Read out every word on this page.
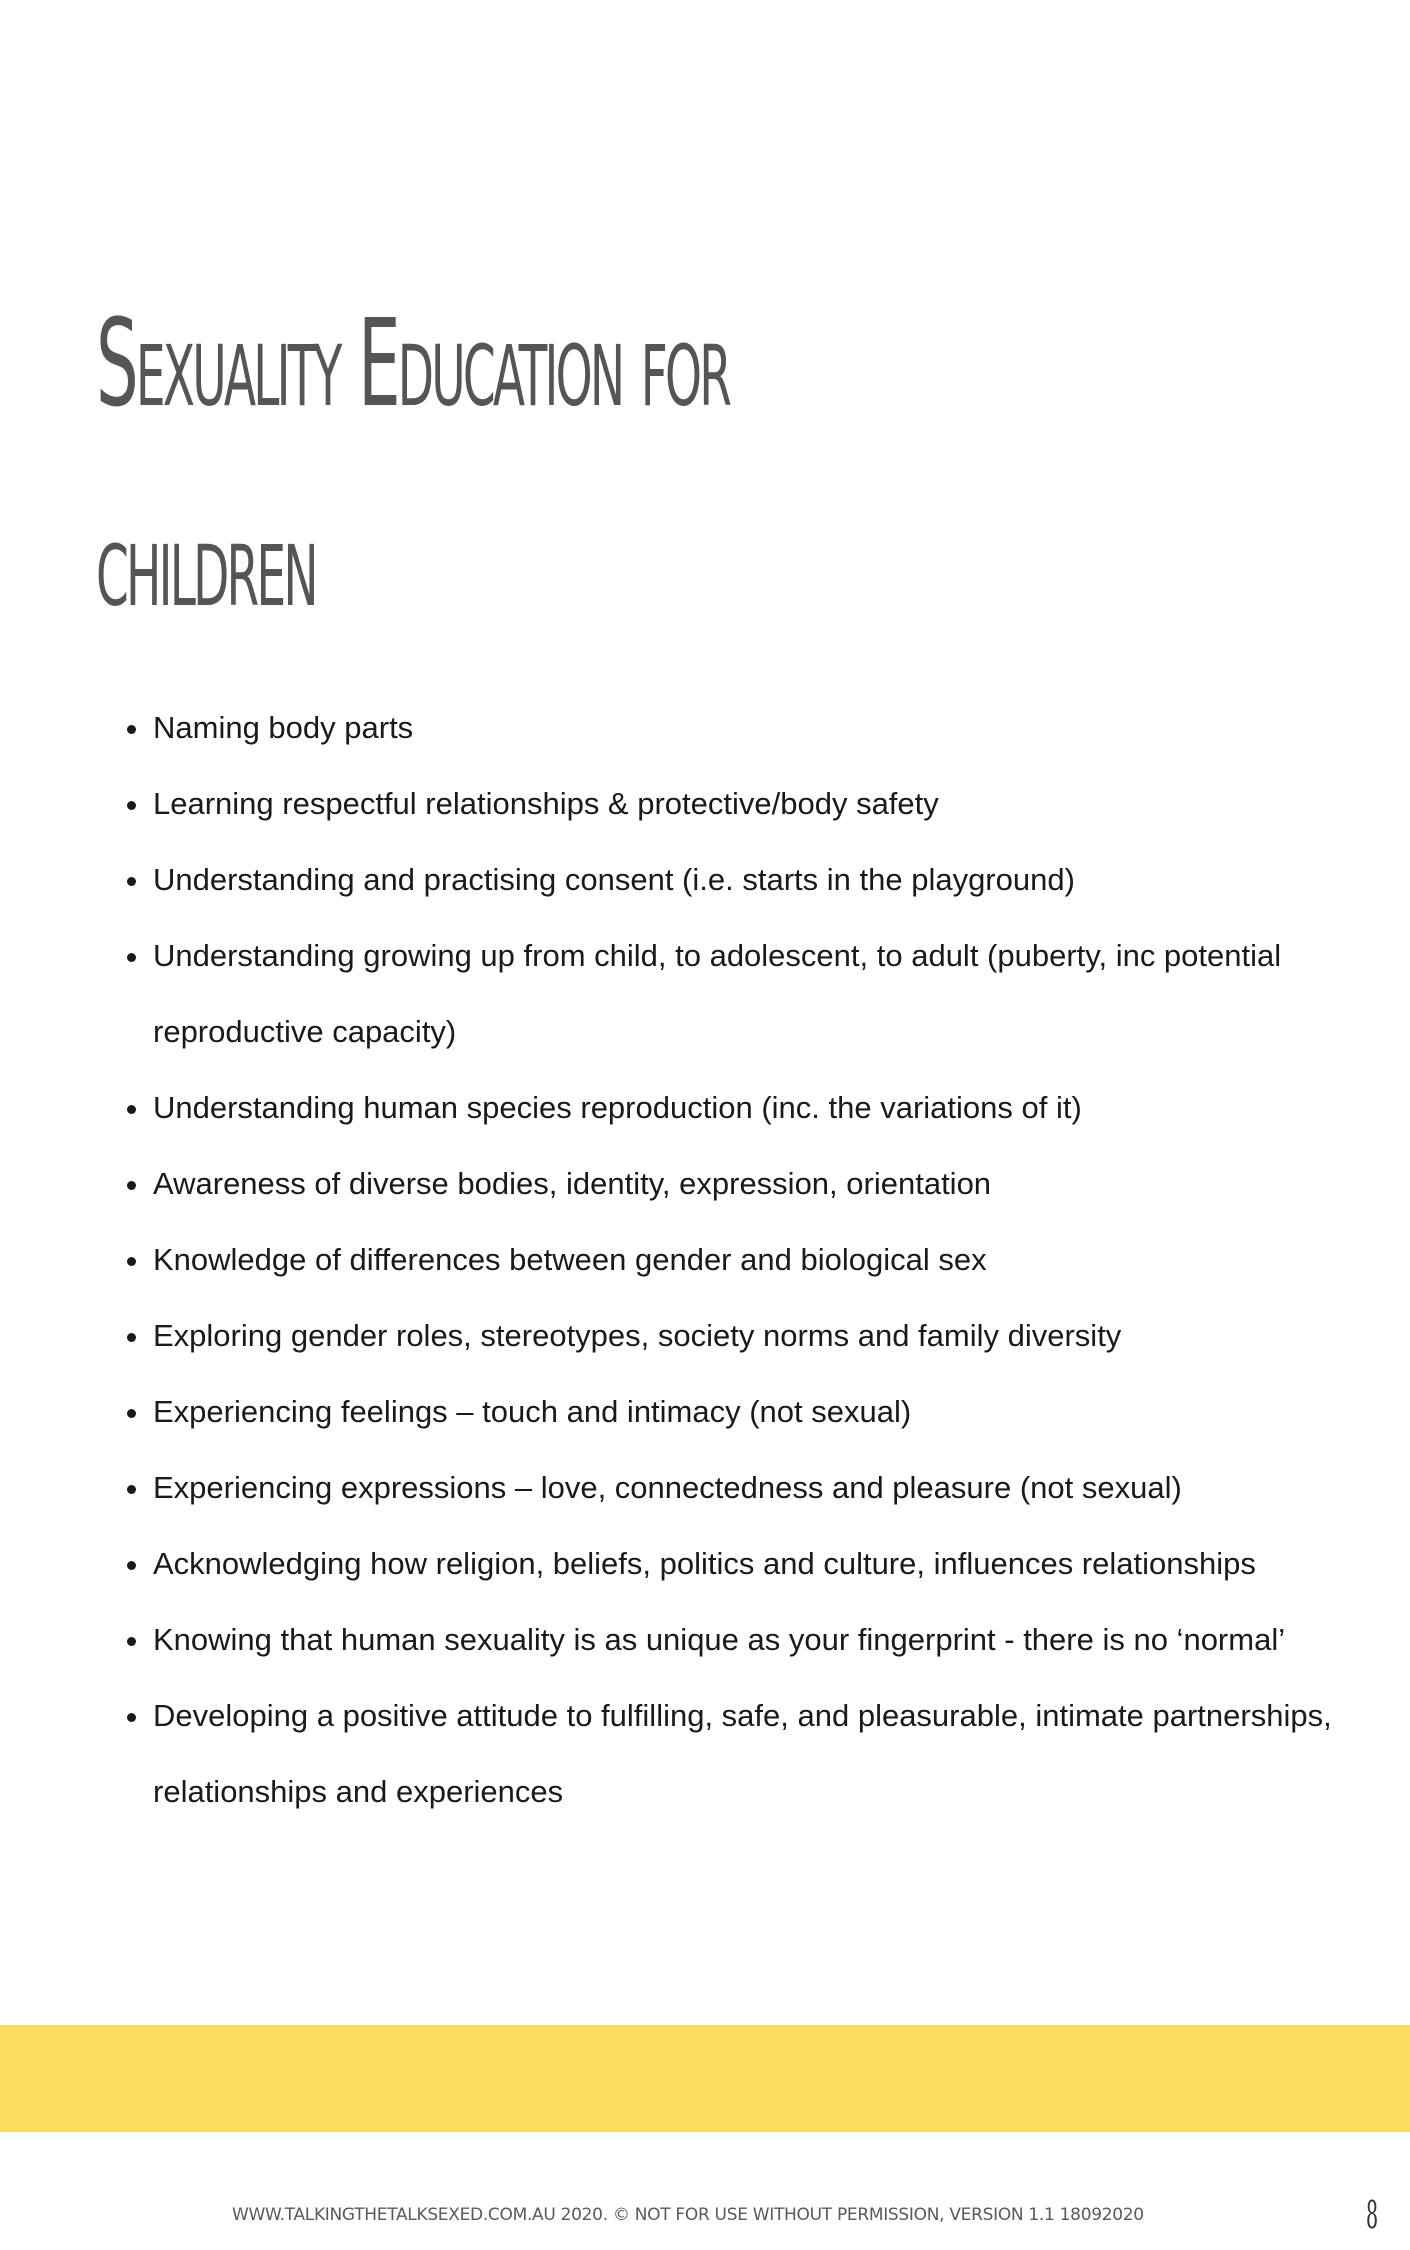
Sexuality Education for
children
Naming body parts
Learning respectful relationships & protective/body safety
Understanding and practising consent (i.e. starts in the playground)
Understanding growing up from child, to adolescent, to adult (puberty, inc potential reproductive capacity)
Understanding human species reproduction (inc. the variations of it)
Awareness of diverse bodies, identity, expression, orientation
Knowledge of differences between gender and biological sex
Exploring gender roles, stereotypes, society norms and family diversity
Experiencing feelings – touch and intimacy (not sexual)
Experiencing expressions – love, connectedness and pleasure (not sexual)
Acknowledging how religion, beliefs, politics and culture, influences relationships
Knowing that human sexuality is as unique as your fingerprint - there is no ‘normal’
Developing a positive attitude to fulfilling, safe, and pleasurable, intimate partnerships, relationships and experiences
WWW.TALKINGTHETALKSEXED.COM.AU 2020. © NOT FOR USE WITHOUT PERMISSION, VERSION 1.1 18092020	8
